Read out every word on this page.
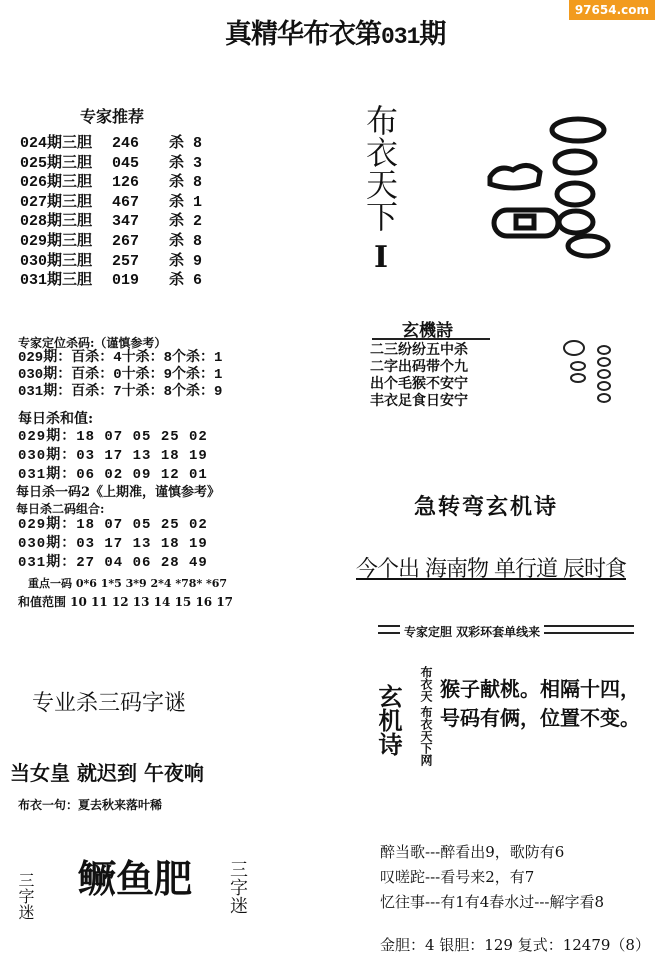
97654.com
真精华布衣第031期
专家推荐
024期三胆 246 杀 8
025期三胆 045 杀 3
026期三胆 126 杀 8
027期三胆 467 杀 1
028期三胆 347 杀 2
029期三胆 267 杀 8
030期三胆 257 杀 9
031期三胆 019 杀 6
专家定位杀码:（谨慎参考）
029期：百杀：4十杀：8个杀：1
030期：百杀：0十杀：9个杀：1
031期：百杀：7十杀：8个杀：9
每日杀和值:
029期：18 07 05 25 02
030期：03 17 13 18 19
031期：06 02 09 12 01
每日杀一码2《上期准，谨慎参考》
每日杀二码组合:
029期：18 07 05 25 02
030期：03 17 13 18 19
031期：27 04 06 28 49
重点一码 0*6 1*5 3*9 2*4 *78* *67
和值范围 10 11 12 13 14 15 16 17
专业杀三码字谜
当女皇 就迟到 午夜响
布衣一句：夏去秋来落叶稀
三字迷 鳜鱼肥 三字迷
布衣天下
I
玄機詩
二三纷纷五中杀
二字出码带个九
出个毛猴不安宁
丰衣足食日安宁
急转弯玄机诗
今个出 海南物 单行道 辰时食
专家定胆 双彩环套单线来
玄机诗 布衣天
布衣天下网
猴子献桃。相隔十四，
号码有俩，位置不变。
醉当歌---醉看出9，歌防有6
叹嗟跎---看号来2，有7
忆往事---有1有4春水过---解字看8
金胆：4 银胆：129 复式：12479（8）
